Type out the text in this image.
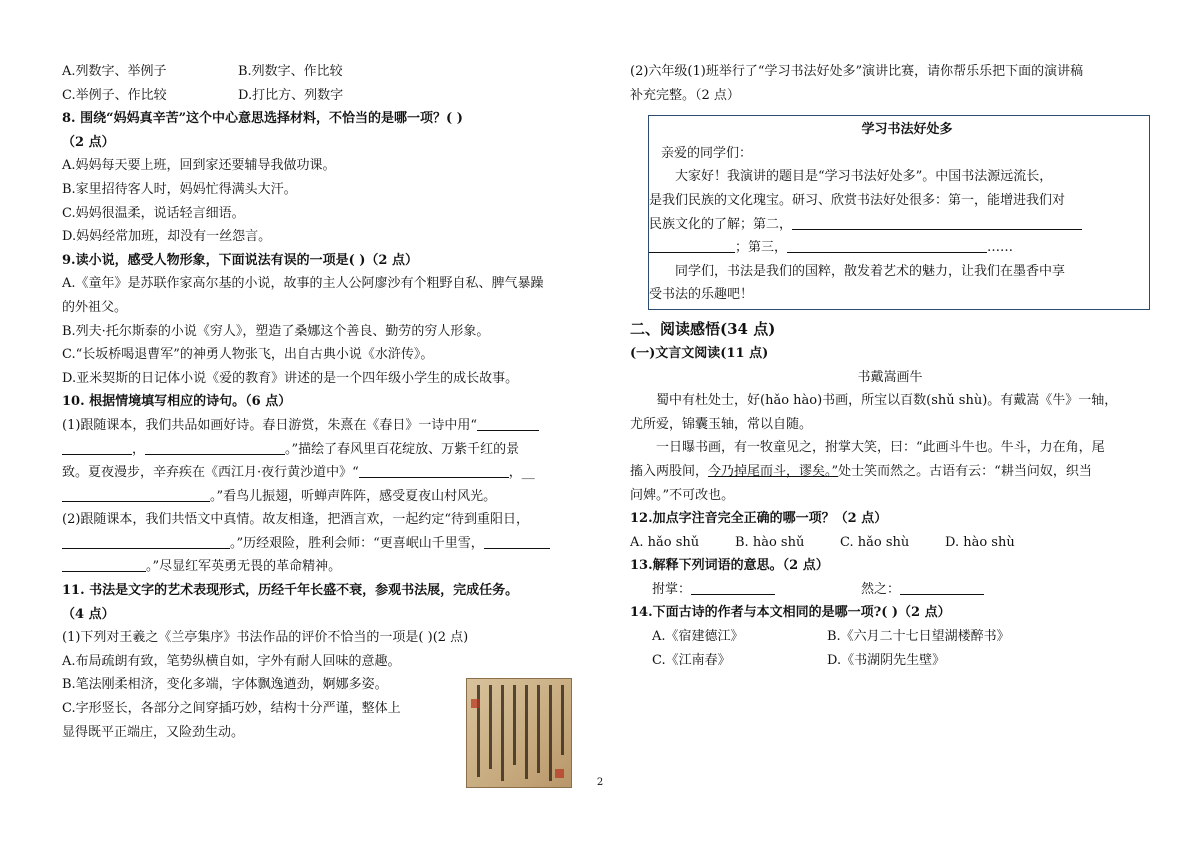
A.列数字、举例子	B.列数字、作比较
C.举例子、作比较	D.打比方、列数字
8. 围绕“妈妈真辛苦”这个中心意思选择材料，不恰当的是哪一项？( )
（2 点）
A.妈妈每天要上班，回到家还要辅导我做功课。
B.家里招待客人时，妈妈忙得满头大汗。
C.妈妈很温柔，说话轻言细语。
D.妈妈经常加班，却没有一丝怨言。
9.读小说，感受人物形象，下面说法有误的一项是( )（2 点）
A.《童年》是苏联作家高尔基的小说，故事的主人公阿廖沙有个粗野自私、脾气暴躁
的外祖父。
B.列夫·托尔斯泰的小说《穷人》，塑造了桑娜这个善良、勤劳的穷人形象。
C.“长坂桥喝退曹军”的神勇人物张飞，出自古典小说《水浒传》。
D.亚米契斯的日记体小说《爱的教育》讲述的是一个四年级小学生的成长故事。
10. 根据情境填写相应的诗句。（6 点）
(1)跟随课本，我们共品如画好诗。春日游赏，朱熹在《春日》一诗中用“
，	。”描绘了春风里百花绽放、万紫千红的景
致。夏夜漫步，辛弃疾在《西江月·夜行黄沙道中》“	，__
。”看鸟儿振翅，听蝉声阵阵，感受夏夜山村风光。
(2)跟随课本，我们共悟文中真情。故友相逢，把酒言欢，一起约定“待到重阳日，
。”历经艰险，胜利会师：“更喜岷山千里雪，
。”尽显红军英勇无畏的革命精神。
11. 书法是文字的艺术表现形式，历经千年长盛不衰，参观书法展，完成任务。
（4 点）
(1)下列对王羲之《兰亭集序》书法作品的评价不恰当的一项是( )(2 点)
A.布局疏朗有致，笔势纵横自如，字外有耐人回味的意趣。
B.笔法刚柔相济，变化多端，字体飘逸遒劲，婀娜多姿。
C.字形竖长，各部分之间穿插巧妙，结构十分严谨，整体上
显得既平正端庄，又险劲生动。
2
(2)六年级(1)班举行了“学习书法好处多”演讲比赛，请你帮乐乐把下面的演讲稿
补充完整。（2 点）
学习书法好处多
亲爱的同学们：
大家好！我演讲的题目是“学习书法好处多”。中国书法源远流长，
是我们民族的文化瑰宝。研习、欣赏书法好处很多：第一，能增进我们对
民族文化的了解；第二，
；第三，	……
同学们，书法是我们的国粹，散发着艺术的魅力，让我们在墨香中享
受书法的乐趣吧！
二、阅读感悟(34 点)
(一)文言文阅读(11 点)
书戴嵩画牛
蜀中有杜处士，好(hǎo hào)书画，所宝以百数(shǔ shù)。有戴嵩《牛》一轴，
尤所爱，锦囊玉轴，常以自随。
一日曝书画，有一牧童见之，拊掌大笑，曰：“此画斗牛也。牛斗，力在角，尾
搐入两股间，今乃掉尾而斗，谬矣。”处士笑而然之。古语有云：“耕当问奴，织当
问婢。”不可改也。
12.加点字注音完全正确的哪一项？（2 点）
A. hǎo shǔ	B. hào shǔ	C. hǎo shù	D. hào shù
13.解释下列词语的意思。（2 点）
拊掌：	然之：
14.下面古诗的作者与本文相同的是哪一项?( )（2 点）
A.《宿建德江》	B.《六月二十七日望湖楼醉书》
C.《江南春》	D.《书湖阴先生壁》
